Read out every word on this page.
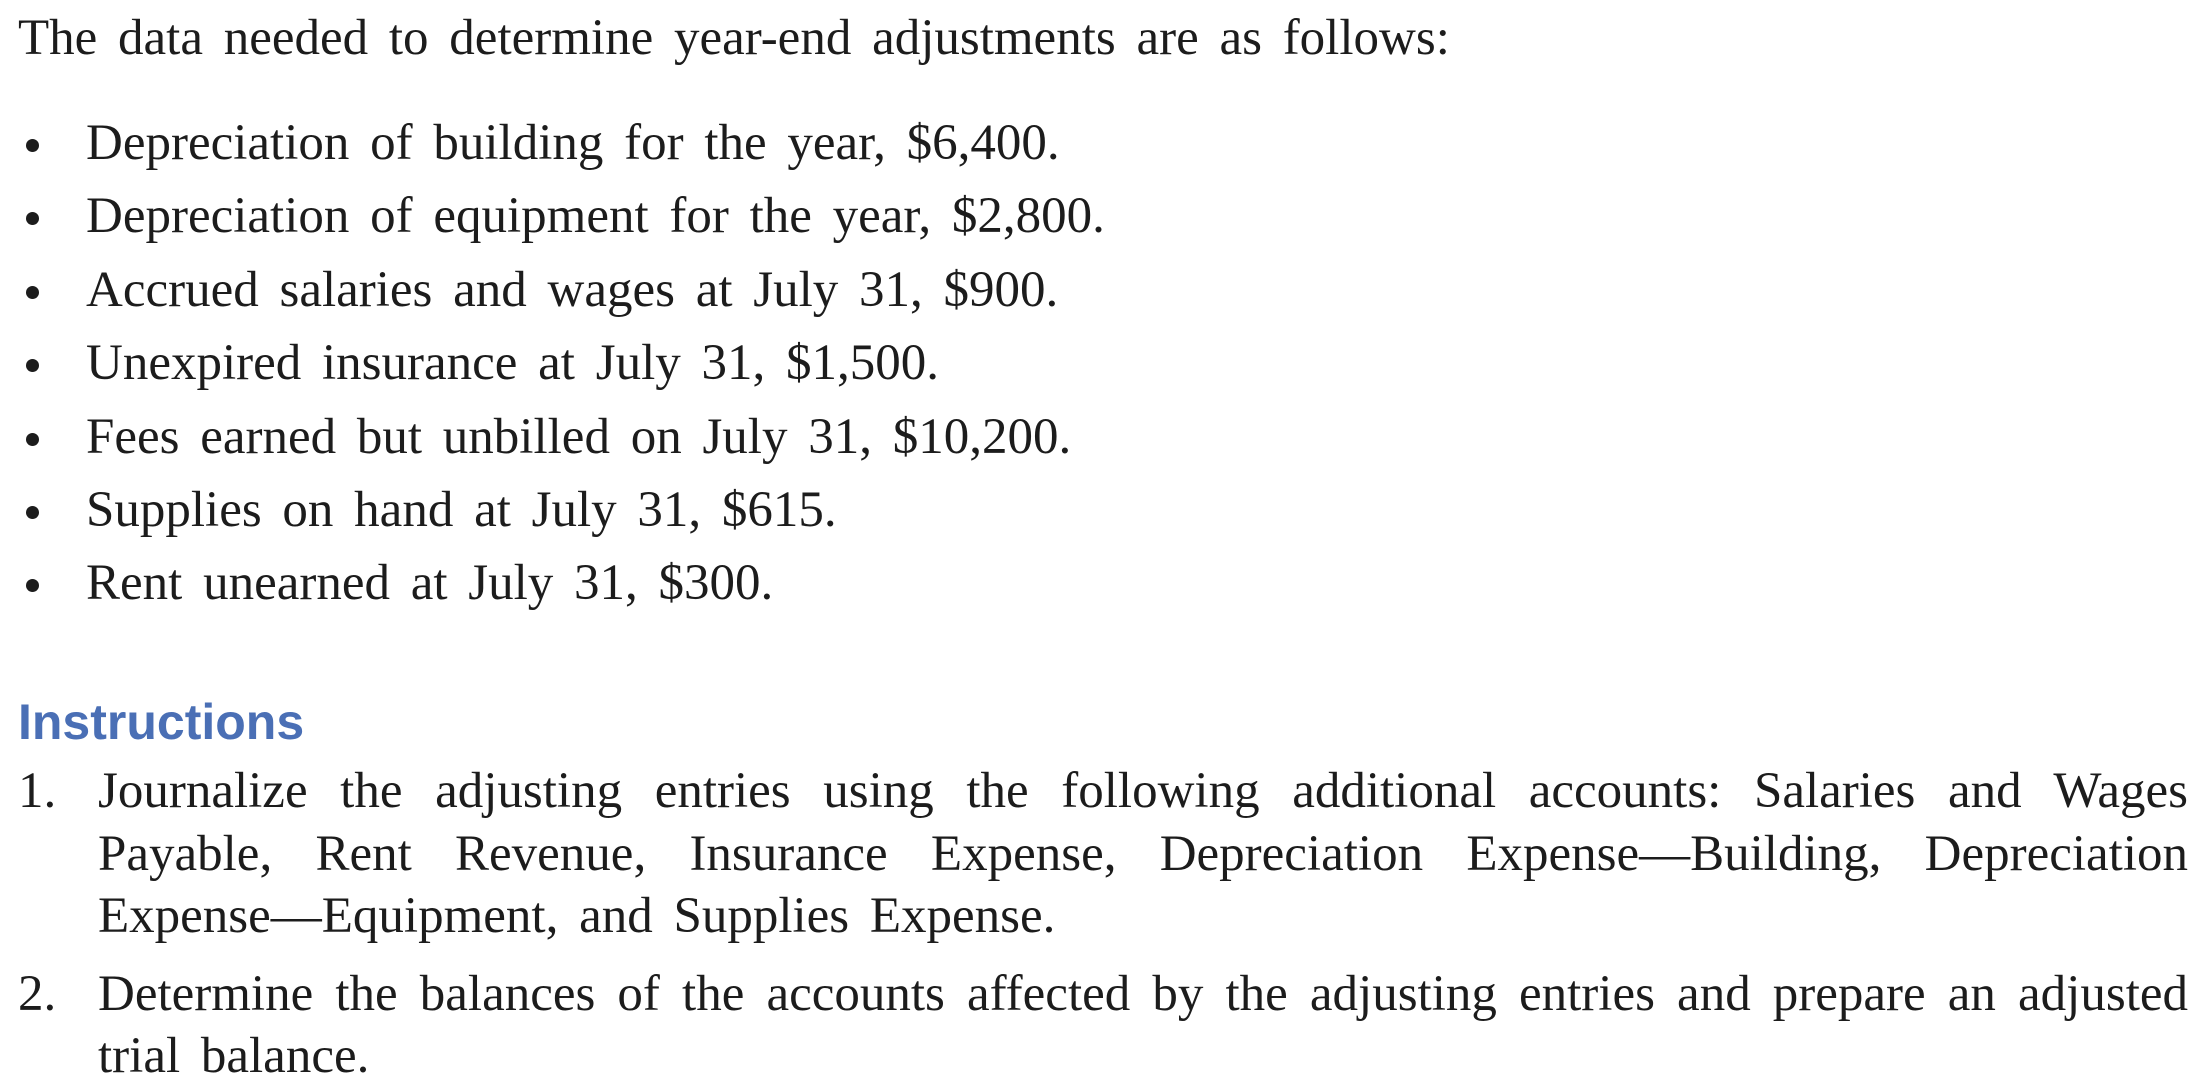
The data needed to determine year-end adjustments are as follows:
Depreciation of building for the year, $6,400.
Depreciation of equipment for the year, $2,800.
Accrued salaries and wages at July 31, $900.
Unexpired insurance at July 31, $1,500.
Fees earned but unbilled on July 31, $10,200.
Supplies on hand at July 31, $615.
Rent unearned at July 31, $300.
Instructions
1. Journalize the adjusting entries using the following additional accounts: Salaries and Wages Payable, Rent Revenue, Insurance Expense, Depreciation Expense—Building, Depreciation Expense—Equipment, and Supplies Expense.
2. Determine the balances of the accounts affected by the adjusting entries and prepare an adjusted trial balance.
